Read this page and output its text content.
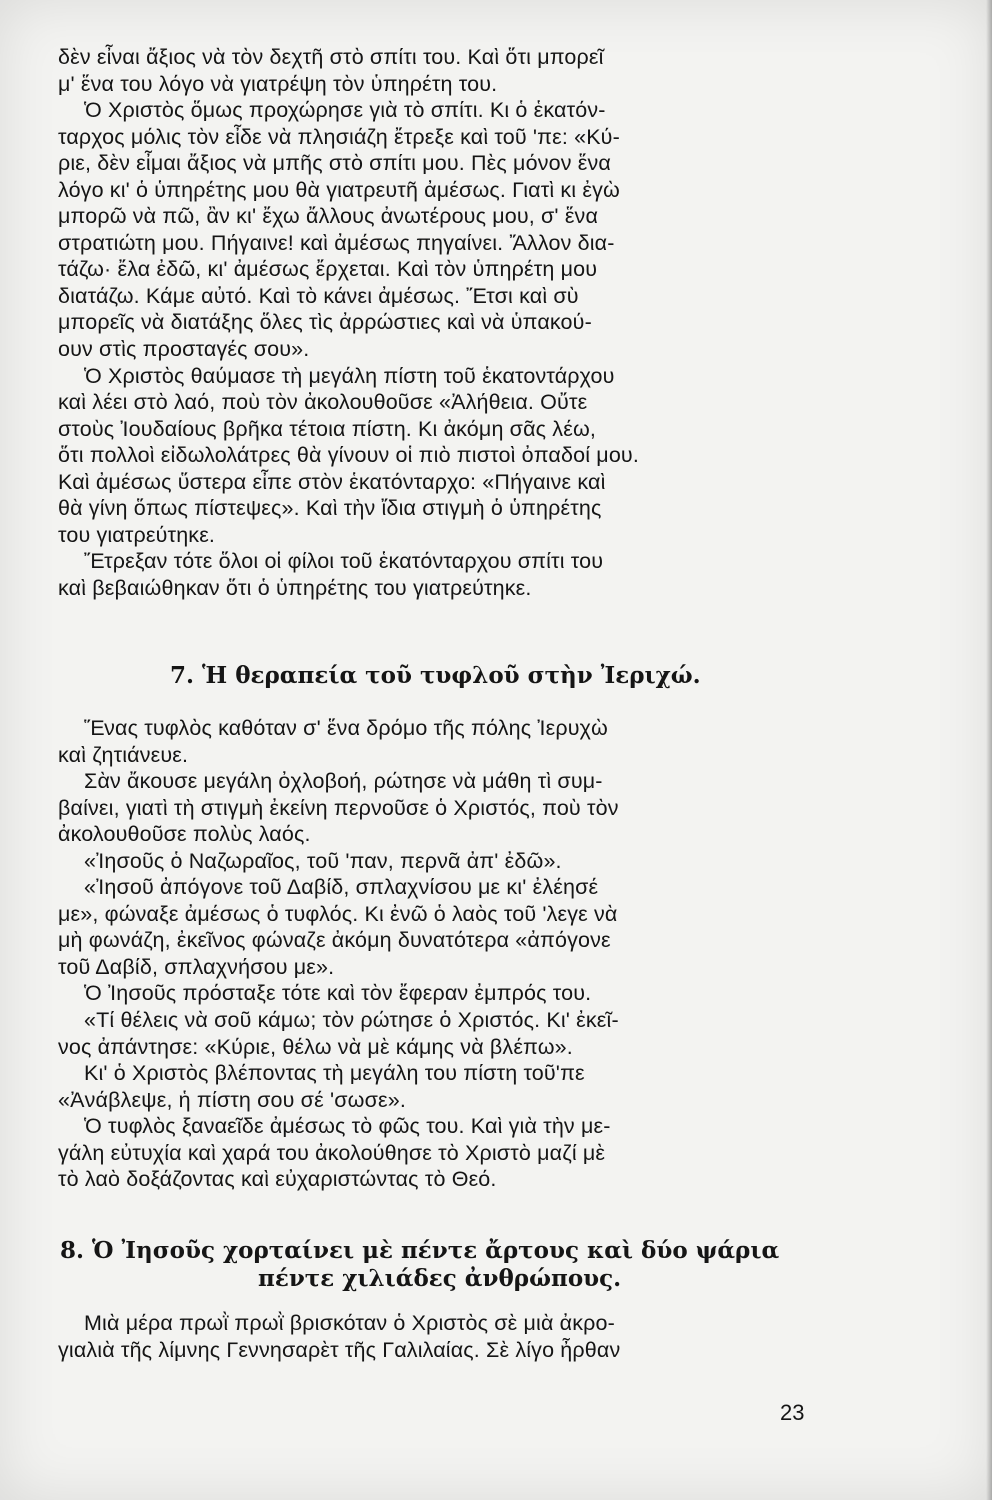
δὲν εἶναι ἄξιος νὰ τὸν δεχτῆ στὸ σπίτι του. Καὶ ὅτι μπορεῖ
μ' ἕνα του λόγο νὰ γιατρέψη τὸν ὑπηρέτη του.
Ὁ Χριστὸς ὅμως προχώρησε γιὰ τὸ σπίτι. Κι ὁ ἑκατόν-
ταρχος μόλις τὸν εἶδε νὰ πλησιάζη ἔτρεξε καὶ τοῦ 'πε: «Κύ-
ριε, δὲν εἶμαι ἄξιος νὰ μπῆς στὸ σπίτι μου. Πὲς μόνον ἕνα
λόγο κι' ὁ ὑπηρέτης μου θὰ γιατρευτῆ ἀμέσως. Γιατὶ κι ἐγὼ
μπορῶ νὰ πῶ, ἂν κι' ἔχω ἄλλους ἀνωτέρους μου, σ' ἕνα
στρατιώτη μου. Πήγαινε! καὶ ἀμέσως πηγαίνει. Ἄλλον δια-
τάζω· ἔλα ἐδῶ, κι' ἀμέσως ἔρχεται. Καὶ τὸν ὑπηρέτη μου
διατάζω. Κάμε αὐτό. Καὶ τὸ κάνει ἀμέσως. Ἔτσι καὶ σὺ
μπορεῖς νὰ διατάξης ὅλες τὶς ἀρρώστιες καὶ νὰ ὑπακού-
ουν στὶς προσταγές σου».
Ὁ Χριστὸς θαύμασε τὴ μεγάλη πίστη τοῦ ἑκατοντάρχου
καὶ λέει στὸ λαό, ποὺ τὸν ἀκολουθοῦσε «Ἀλήθεια. Οὔτε
στοὺς Ἰουδαίους βρῆκα τέτοια πίστη. Κι ἀκόμη σᾶς λέω,
ὅτι πολλοὶ εἰδωλολάτρες θὰ γίνουν οἱ πιὸ πιστοὶ ὀπαδοί μου.
Καὶ ἀμέσως ὕστερα εἶπε στὸν ἑκατόνταρχο: «Πήγαινε καὶ
θὰ γίνη ὅπως πίστεψες». Καὶ τὴν ἴδια στιγμὴ ὁ ὑπηρέτης
του γιατρεύτηκε.
Ἔτρεξαν τότε ὅλοι οἱ φίλοι τοῦ ἑκατόνταρχου σπίτι του
καὶ βεβαιώθηκαν ὅτι ὁ ὑπηρέτης του γιατρεύτηκε.
7. Ἡ θεραπεία τοῦ τυφλοῦ στὴν Ἰεριχώ.
Ἕνας τυφλὸς καθόταν σ' ἕνα δρόμο τῆς πόλης Ἰερυχὼ
καὶ ζητιάνευε.
Σὰν ἄκουσε μεγάλη ὀχλοβοή, ρώτησε νὰ μάθη τὶ συμ-
βαίνει, γιατὶ τὴ στιγμὴ ἐκείνη περνοῦσε ὁ Χριστός, ποὺ τὸν
ἀκολουθοῦσε πολὺς λαός.
«Ἰησοῦς ὁ Ναζωραῖος, τοῦ 'παν, περνᾶ ἀπ' ἐδῶ».
«Ἰησοῦ ἀπόγονε τοῦ Δαβίδ, σπλαχνίσου με κι' ἐλέησέ
με», φώναξε ἀμέσως ὁ τυφλός. Κι ἐνῶ ὁ λαὸς τοῦ 'λεγε νὰ
μὴ φωνάζη, ἐκεῖνος φώναζε ἀκόμη δυνατότερα «ἀπόγονε
τοῦ Δαβίδ, σπλαχνήσου με».
Ὁ Ἰησοῦς πρόσταξε τότε καὶ τὸν ἔφεραν ἐμπρός του.
«Τί θέλεις νὰ σοῦ κάμω; τὸν ρώτησε ὁ Χριστός. Κι' ἐκεῖ-
νος ἀπάντησε: «Κύριε, θέλω νὰ μὲ κάμης νὰ βλέπω».
Κι' ὁ Χριστὸς βλέποντας τὴ μεγάλη του πίστη τοῦ'πε
«Ἀνάβλεψε, ἡ πίστη σου σέ 'σωσε».
Ὁ τυφλὸς ξαναεῖδε ἀμέσως τὸ φῶς του. Καὶ γιὰ τὴν με-
γάλη εὐτυχία καὶ χαρά του ἀκολούθησε τὸ Χριστὸ μαζί μὲ
τὸ λαὸ δοξάζοντας καὶ εὐχαριστώντας τὸ Θεό.
8. Ὁ Ἰησοῦς χορταίνει μὲ πέντε ἄρτους καὶ δύο ψάρια
πέντε χιλιάδες ἀνθρώπους.
Μιὰ μέρα πρωῒ πρωῒ βρισκόταν ὁ Χριστὸς σὲ μιὰ ἀκρο-
γιαλιὰ τῆς λίμνης Γεννησαρὲτ τῆς Γαλιλαίας. Σὲ λίγο ἦρθαν
23
